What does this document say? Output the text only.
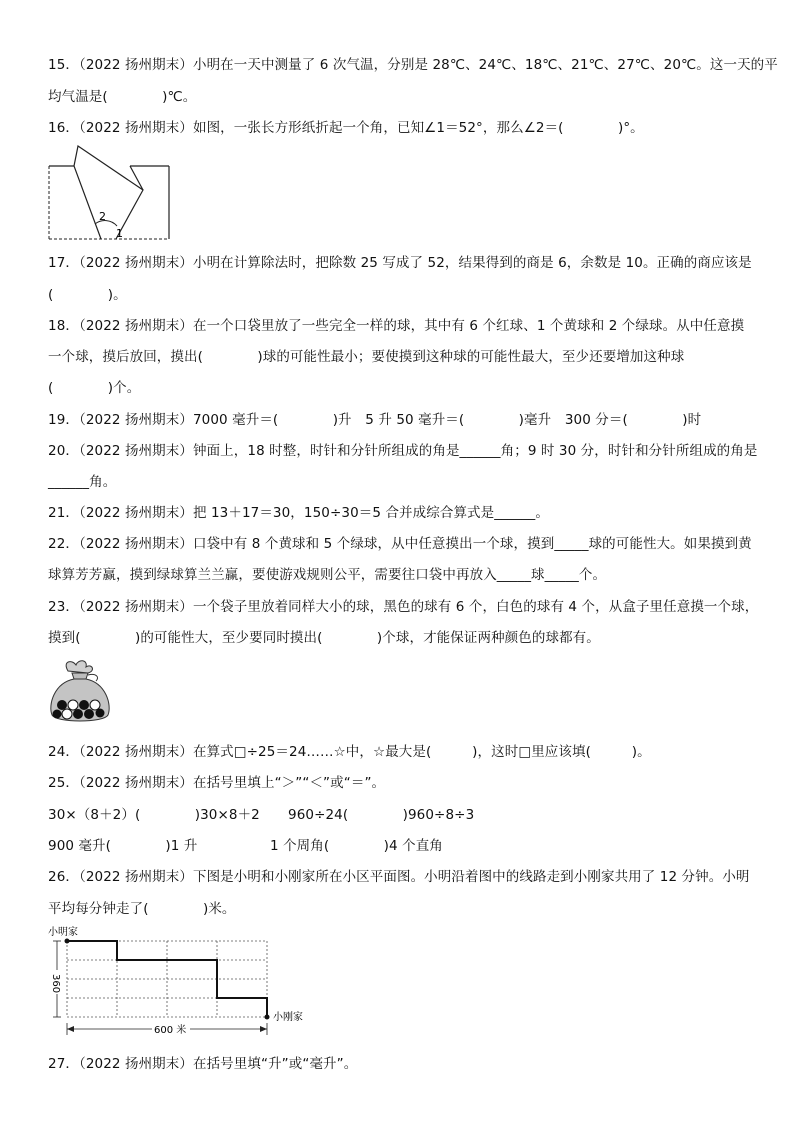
15．（2022 扬州期末）小明在一天中测量了 6 次气温，分别是 28℃、24℃、18℃、21℃、27℃、20℃。这一天的平
均气温是(　　　　)℃。
16．（2022 扬州期末）如图，一张长方形纸折起一个角，已知∠1＝52°，那么∠2＝(　　　　)°。
2
1
17．（2022 扬州期末）小明在计算除法时，把除数 25 写成了 52，结果得到的商是 6，余数是 10。正确的商应该是
(　　　　)。
18．（2022 扬州期末）在一个口袋里放了一些完全一样的球，其中有 6 个红球、1 个黄球和 2 个绿球。从中任意摸
一个球，摸后放回，摸出(　　　　)球的可能性最小；要使摸到这种球的可能性最大，至少还要增加这种球
(　　　　)个。
19．（2022 扬州期末）7000 毫升＝(　　　　)升　5 升 50 毫升＝(　　　　)毫升　300 分＝(　　　　)时
20．（2022 扬州期末）钟面上，18 时整，时针和分针所组成的角是______角；9 时 30 分，时针和分针所组成的角是
______角。
21．（2022 扬州期末）把 13＋17＝30，150÷30＝5 合并成综合算式是______。
22．（2022 扬州期末）口袋中有 8 个黄球和 5 个绿球，从中任意摸出一个球，摸到_____球的可能性大。如果摸到黄
球算芳芳赢，摸到绿球算兰兰赢，要使游戏规则公平，需要往口袋中再放入_____球_____个。
23．（2022 扬州期末）一个袋子里放着同样大小的球，黑色的球有 6 个，白色的球有 4 个，从盒子里任意摸一个球，
摸到(　　　　)的可能性大，至少要同时摸出(　　　　)个球，才能保证两种颜色的球都有。
24．（2022 扬州期末）在算式□÷25＝24……☆中，☆最大是(　　　)，这时□里应该填(　　　)。
25．（2022 扬州期末）在括号里填上“＞”“＜”或“＝”。
30×（8＋2）(　　　　)30×8＋2 960÷24(　　　　)960÷8÷3
900 毫升(　　　　)1 升	1 个周角(　　　　)4 个直角
26．（2022 扬州期末）下图是小明和小刚家所在小区平面图。小明沿着图中的线路走到小刚家共用了 12 分钟。小明
平均每分钟走了(　　　　)米。
小明家
小刚家
360
600 米
27．（2022 扬州期末）在括号里填“升”或“毫升”。
